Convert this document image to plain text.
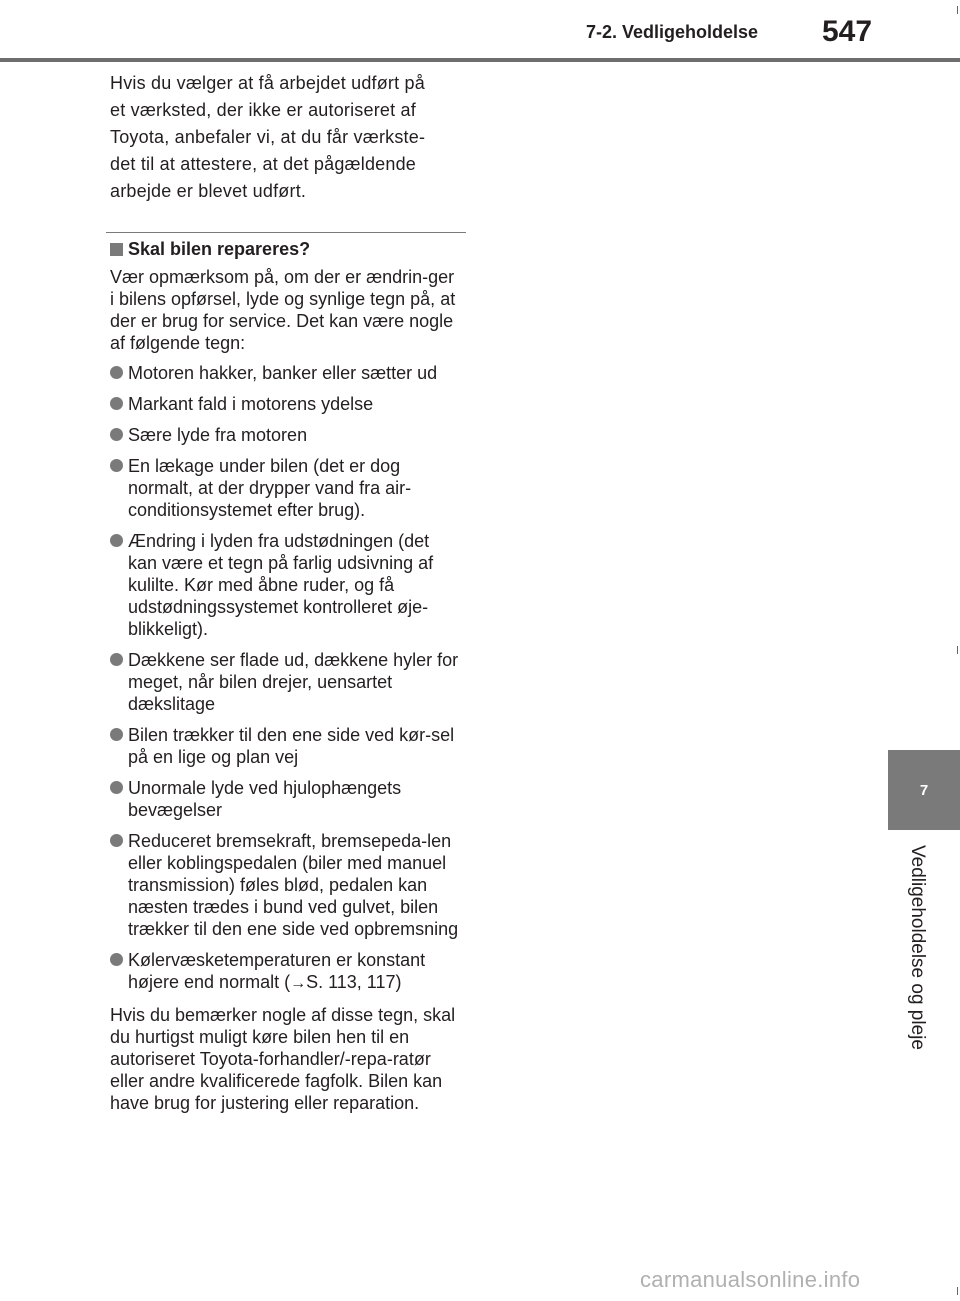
7-2. Vedligeholdelse 547
7
Vedligeholdelse og pleje

Hvis du vælger at få arbejdet udført på
et værksted, der ikke er autoriseret af
Toyota, anbefaler vi, at du får værkste-
det til at attestere, at det pågældende
arbejde er blevet udført.

Skal bilen repareres?

Vær opmærksom på, om der er ændrin-ger i bilens opførsel, lyde og synlige tegn på, at der er brug for service. Det kan være nogle af følgende tegn:

Motoren hakker, banker eller sætter ud
Markant fald i motorens ydelse
Sære lyde fra motoren
En lækage under bilen (det er dog normalt, at der drypper vand fra air-conditionsystemet efter brug).
Ændring i lyden fra udstødningen (det kan være et tegn på farlig udsivning af kulilte. Kør med åbne ruder, og få udstødningssystemet kontrolleret øje-blikkeligt).
Dækkene ser flade ud, dækkene hyler for meget, når bilen drejer, uensartet dækslitage
Bilen trækker til den ene side ved kør-sel på en lige og plan vej
Unormale lyde ved hjulophængets bevægelser
Reduceret bremsekraft, bremsepeda-len eller koblingspedalen (biler med manuel transmission) føles blød, pedalen kan næsten trædes i bund ved gulvet, bilen trækker til den ene side ved opbremsning
Kølervæsketemperaturen er konstant højere end normalt (→S. 113, 117)

Hvis du bemærker nogle af disse tegn, skal du hurtigst muligt køre bilen hen til en autoriseret Toyota-forhandler/-repa-ratør eller andre kvalificerede fagfolk. Bilen kan have brug for justering eller reparation.

carmanualsonline.info
